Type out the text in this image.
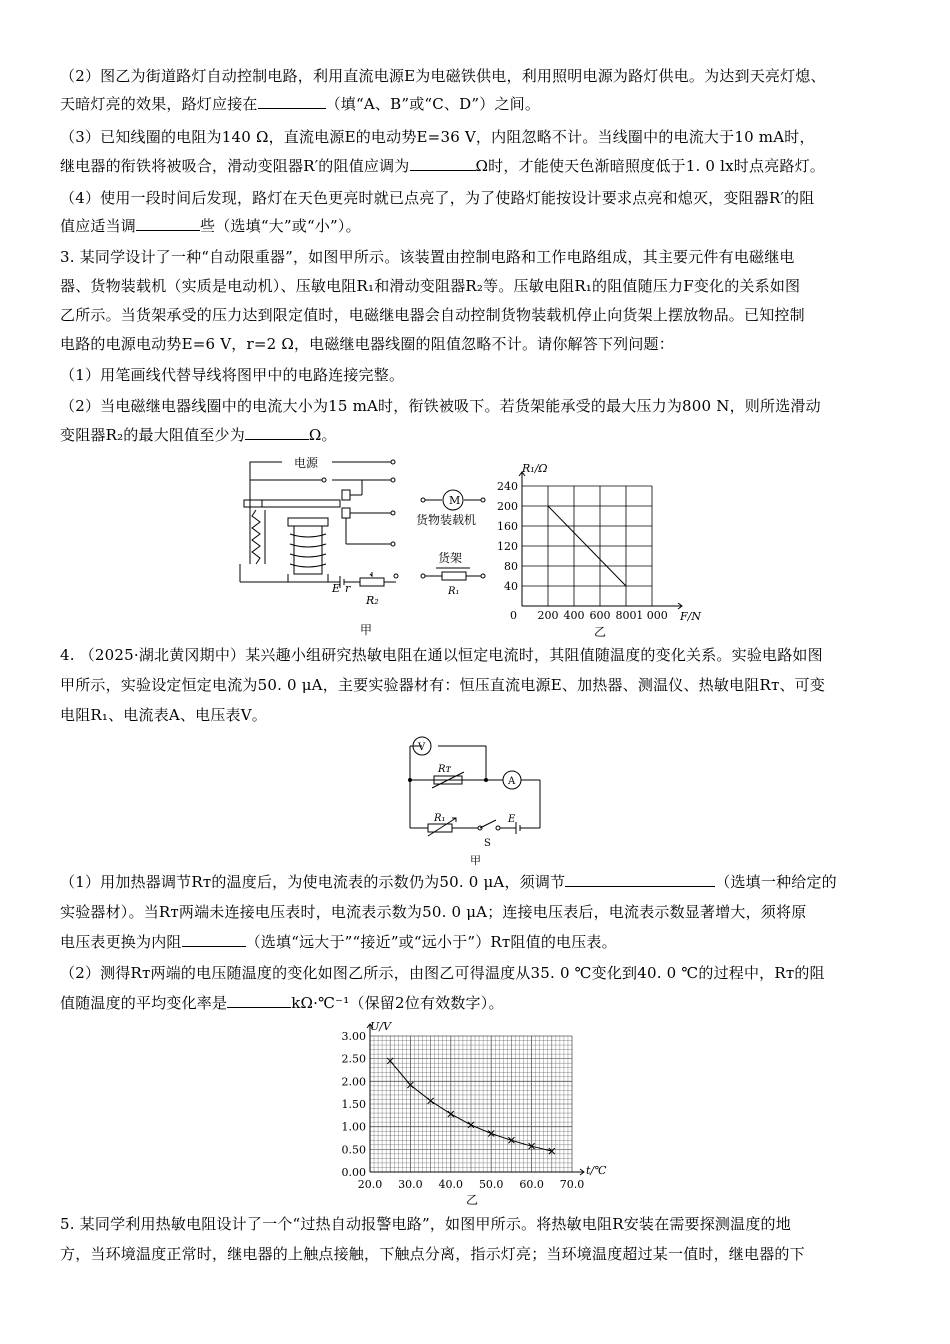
（2）图乙为街道路灯自动控制电路，利用直流电源E为电磁铁供电，利用照明电源为路灯供电。为达到天亮灯熄、
天暗灯亮的效果，路灯应接在	（填“A、B”或“C、D”）之间。
（3）已知线圈的电阻为140 Ω，直流电源E的电动势E=36 V，内阻忽略不计。当线圈中的电流大于10 mA时，
继电器的衔铁将被吸合，滑动变阻器R′的阻值应调为	Ω时，才能使天色渐暗照度低于1. 0 lx时点亮路灯。
（4）使用一段时间后发现，路灯在天色更亮时就已点亮了，为了使路灯能按设计要求点亮和熄灭，变阻器R′的阻
值应适当调	些（选填“大”或“小”）。
3. 某同学设计了一种“自动限重器”，如图甲所示。该装置由控制电路和工作电路组成，其主要元件有电磁继电
器、货物装载机（实质是电动机）、压敏电阻R₁和滑动变阻器R₂等。压敏电阻R₁的阻值随压力F变化的关系如图
乙所示。当货架承受的压力达到限定值时，电磁继电器会自动控制货物装载机停止向货架上摆放物品。已知控制
电路的电源电动势E=6 V，r=2 Ω，电磁继电器线圈的阻值忽略不计。请你解答下列问题：
（1）用笔画线代替导线将图甲中的电路连接完整。
（2）当电磁继电器线圈中的电流大小为15 mA时，衔铁被吸下。若货架能承受的最大压力为800 N，则所选滑动
变阻器R₂的最大阻值至少为	Ω。
电源
E r
R₂
甲
M
货物装载机
货架
R₁
0 200 400 600 800 1 000
40
80
120
160
200
240
R₁/Ω
F/N
乙
4. （2025·湖北黄冈期中）某兴趣小组研究热敏电阻在通以恒定电流时，其阻值随温度的变化关系。实验电路如图
甲所示，实验设定恒定电流为50. 0 μA，主要实验器材有：恒压直流电源E、加热器、测温仪、热敏电阻Rᴛ、可变
电阻R₁、电流表A、电压表V。
V
A
Rᴛ
R₁
S
E
甲
（1）用加热器调节Rᴛ的温度后，为使电流表的示数仍为50. 0 μA，须调节	（选填一种给定的
实验器材）。当Rᴛ两端未连接电压表时，电流表示数为50. 0 μA；连接电压表后，电流表示数显著增大，须将原
电压表更换为内阻	（选填“远大于”“接近”或“远小于”）Rᴛ阻值的电压表。
（2）测得Rᴛ两端的电压随温度的变化如图乙所示，由图乙可得温度从35. 0 ℃变化到40. 0 ℃的过程中，Rᴛ的阻
值随温度的平均变化率是	kΩ·℃⁻¹（保留2位有效数字）。
20.0 30.0 40.0 50.0 60.0 70.0
0.00
0.50
1.00
1.50
2.00
2.50
3.00
U/V
t/℃
乙
5. 某同学利用热敏电阻设计了一个“过热自动报警电路”，如图甲所示。将热敏电阻R安装在需要探测温度的地
方，当环境温度正常时，继电器的上触点接触，下触点分离，指示灯亮；当环境温度超过某一值时，继电器的下
